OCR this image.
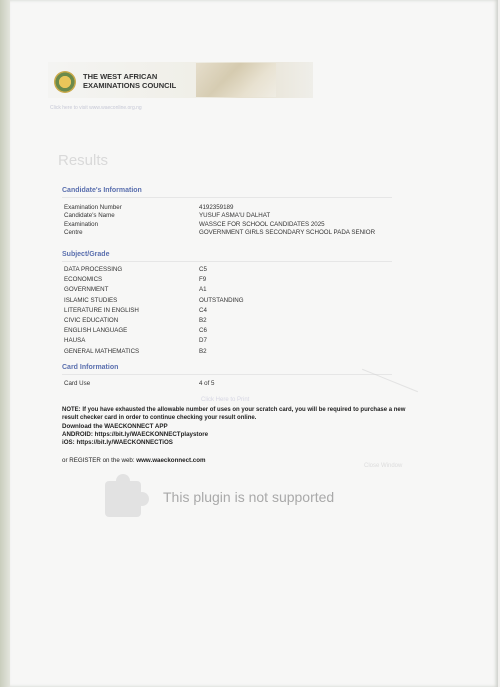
THE WEST AFRICAN
EXAMINATIONS COUNCIL
Click here to visit www.waeconline.org.ng
Results
Candidate's Information
Examination Number	4192359189
Candidate's Name	YUSUF ASMA'U DALHAT
Examination	WASSCE FOR SCHOOL CANDIDATES 2025
Centre	GOVERNMENT GIRLS SECONDARY SCHOOL PADA SENIOR
Subject/Grade
DATA PROCESSING	C5
ECONOMICS	F9
GOVERNMENT	A1
ISLAMIC STUDIES	OUTSTANDING
LITERATURE IN ENGLISH	C4
CIVIC EDUCATION	B2
ENGLISH LANGUAGE	C6
HAUSA	D7
GENERAL MATHEMATICS	B2
Card Information
Card Use	4 of 5
Click Here to Print
NOTE: If you have exhausted the allowable number of uses on your scratch card, you will be required to purchase a new result checker card in order to continue checking your result online.
Download the WAECKONNECT APP
ANDROID: https://bit.ly/WAECKONNECTplaystore
iOS: https://bit.ly/WAECKONNECTiOS
or REGISTER on the web: www.waeckonnect.com
Close Window
This plugin is not supported
